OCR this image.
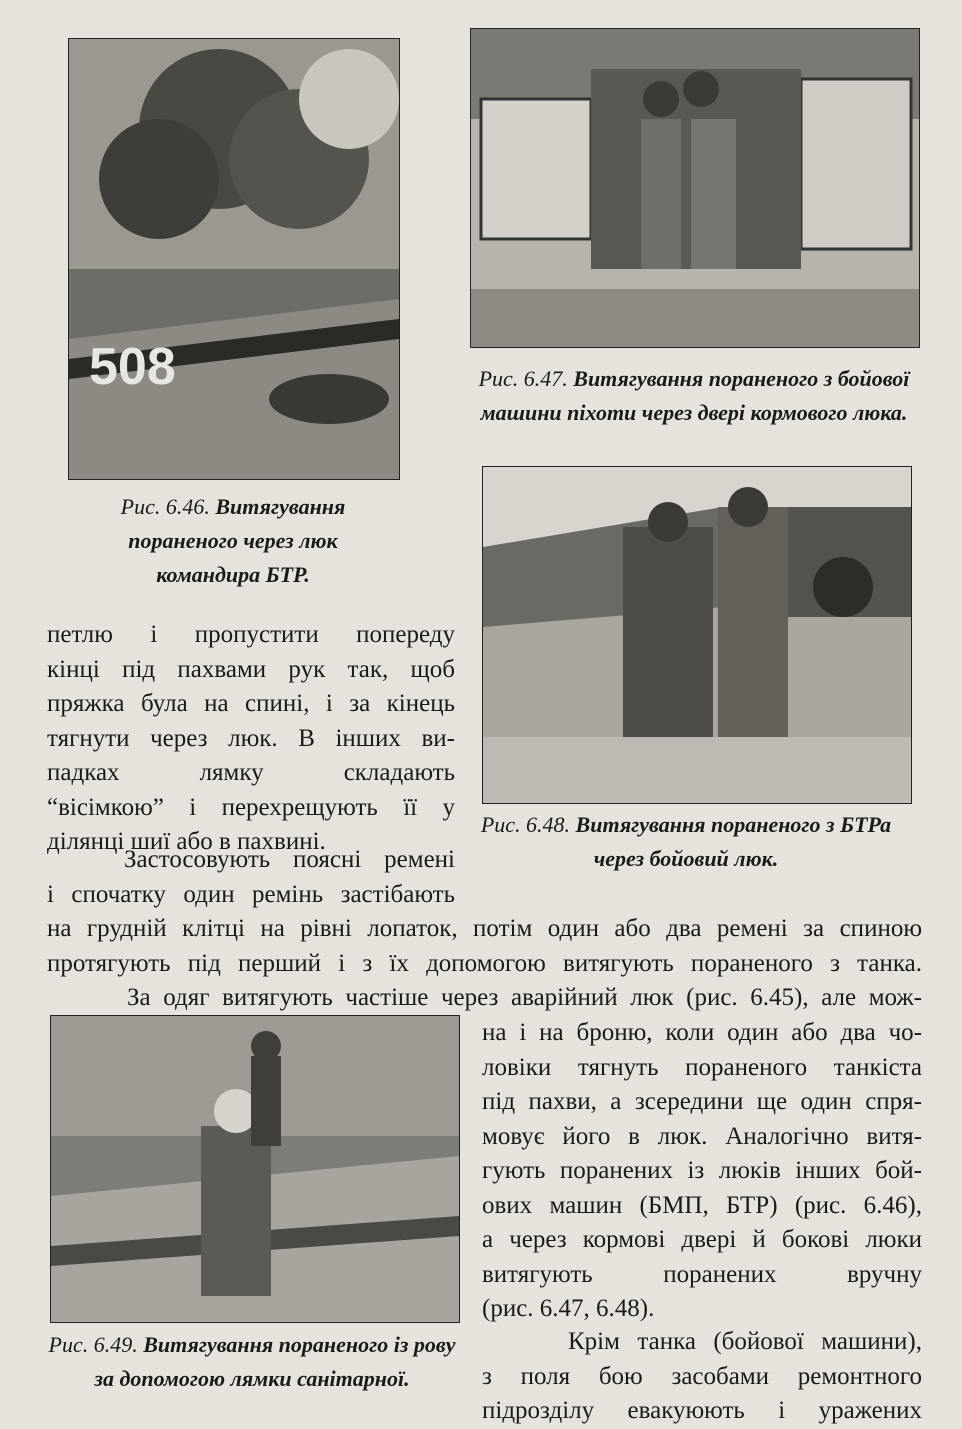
508
Рис. 6.46. Витягування пораненого через люк командира БТР.
Рис. 6.47. Витягування пораненого з бойової машини піхоти через двері кормового люка.
Рис. 6.48. Витягування пораненого з БТРа через бойовий люк.
петлю і пропустити попереду
кінці під пахвами рук так, щоб
пряжка була на спині, і за кінець
тягнути через люк. В інших ви-
падках лямку складають
“вісімкою” і перехрещують її у
ділянці шиї або в пахвині.
Застосовують поясні ремені
і спочатку один ремінь застібають
на грудній клітці на рівні лопаток, потім один або два ремені за спиною
протягують під перший і з їх допомогою витягують пораненого з танка.
За одяг витягують частіше через аварійний люк (рис. 6.45), але мож-
Рис. 6.49. Витягування пораненого із рову за допомогою лямки санітарної.
на і на броню, коли один або два чо-
ловіки тягнуть пораненого танкіста
під пахви, а зсередини ще один спря-
мовує його в люк. Аналогічно витя-
гують поранених із люків інших бой-
ових машин (БМП, БТР) (рис. 6.46),
а через кормові двері й бокові люки
витягують поранених вручну
(рис. 6.47, 6.48).
Крім танка (бойової машини),
з поля бою засобами ремонтного
підрозділу евакуюють і уражених
